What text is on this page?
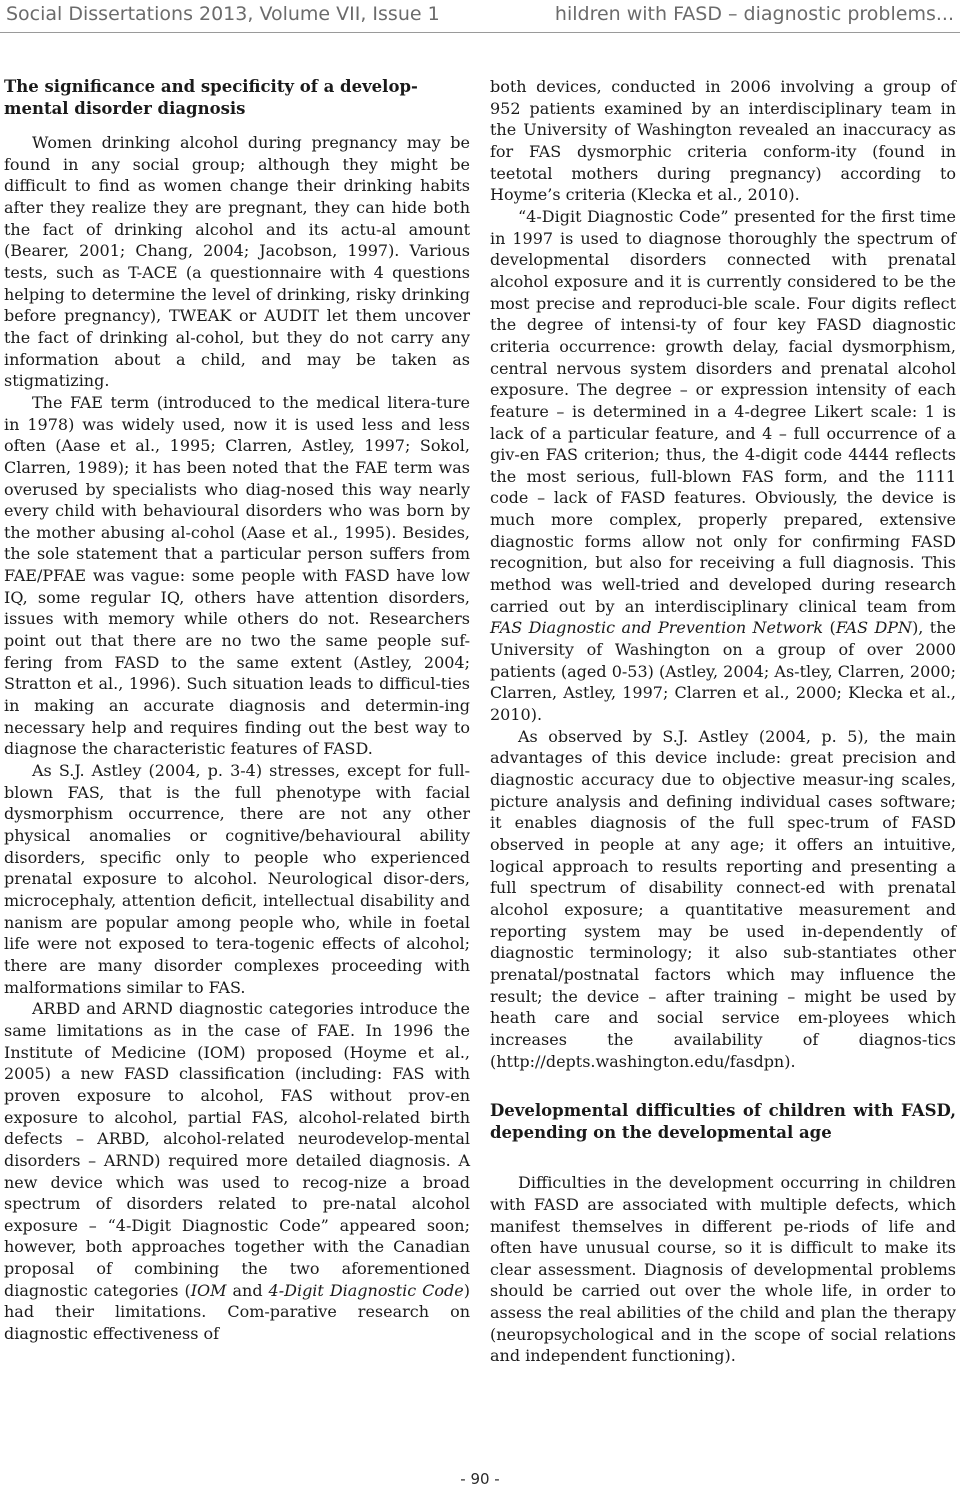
Social Dissertations 2013, Volume VII, Issue 1	hildren with FASD – diagnostic problems...
The significance and specificity of a develop-mental disorder diagnosis

Women drinking alcohol during pregnancy may be found in any social group; although they might be difficult to find as women change their drinking habits after they realize they are pregnant, they can hide both the fact of drinking alcohol and its actu-al amount (Bearer, 2001; Chang, 2004; Jacobson, 1997). Various tests, such as T-ACE (a questionnaire with 4 questions helping to determine the level of drinking, risky drinking before pregnancy), TWEAK or AUDIT let them uncover the fact of drinking al-cohol, but they do not carry any information about a child, and may be taken as stigmatizing.

The FAE term (introduced to the medical litera-ture in 1978) was widely used, now it is used less and less often (Aase et al., 1995; Clarren, Astley, 1997; Sokol, Clarren, 1989); it has been noted that the FAE term was overused by specialists who diag-nosed this way nearly every child with behavioural disorders who was born by the mother abusing al-cohol (Aase et al., 1995). Besides, the sole statement that a particular person suffers from FAE/PFAE was vague: some people with FASD have low IQ, some regular IQ, others have attention disorders, issues with memory while others do not. Researchers point out that there are no two the same people suf-fering from FASD to the same extent (Astley, 2004; Stratton et al., 1996). Such situation leads to difficul-ties in making an accurate diagnosis and determin-ing necessary help and requires finding out the best way to diagnose the characteristic features of FASD.

As S.J. Astley (2004, p. 3-4) stresses, except for full-blown FAS, that is the full phenotype with facial dysmorphism occurrence, there are not any other physical anomalies or cognitive/behavioural ability disorders, specific only to people who experienced prenatal exposure to alcohol. Neurological disor-ders, microcephaly, attention deficit, intellectual disability and nanism are popular among people who, while in foetal life were not exposed to tera-togenic effects of alcohol; there are many disorder complexes proceeding with malformations similar to FAS.

ARBD and ARND diagnostic categories introduce the same limitations as in the case of FAE. In 1996 the Institute of Medicine (IOM) proposed (Hoyme et al., 2005) a new FASD classification (including: FAS with proven exposure to alcohol, FAS without prov-en exposure to alcohol, partial FAS, alcohol-related birth defects – ARBD, alcohol-related neurodevelop-mental disorders – ARND) required more detailed diagnosis. A new device which was used to recog-nize a broad spectrum of disorders related to pre-natal alcohol exposure – “4-Digit Diagnostic Code” appeared soon; however, both approaches together with the Canadian proposal of combining the two aforementioned diagnostic categories (IOM and 4-Digit Diagnostic Code) had their limitations. Com-parative research on diagnostic effectiveness of

both devices, conducted in 2006 involving a group of 952 patients examined by an interdisciplinary team in the University of Washington revealed an inaccuracy as for FAS dysmorphic criteria conform-ity (found in teetotal mothers during pregnancy) according to Hoyme’s criteria (Klecka et al., 2010).

“4-Digit Diagnostic Code” presented for the first time in 1997 is used to diagnose thoroughly the spectrum of developmental disorders connected with prenatal alcohol exposure and it is currently considered to be the most precise and reproduci-ble scale. Four digits reflect the degree of intensi-ty of four key FASD diagnostic criteria occurrence: growth delay, facial dysmorphism, central nervous system disorders and prenatal alcohol exposure. The degree – or expression intensity of each feature – is determined in a 4-degree Likert scale: 1 is lack of a particular feature, and 4 – full occurrence of a giv-en FAS criterion; thus, the 4-digit code 4444 reflects the most serious, full-blown FAS form, and the 1111 code – lack of FASD features. Obviously, the device is much more complex, properly prepared, extensive diagnostic forms allow not only for confirming FASD recognition, but also for receiving a full diagnosis. This method was well-tried and developed during research carried out by an interdisciplinary clinical team from FAS Diagnostic and Prevention Network (FAS DPN), the University of Washington on a group of over 2000 patients (aged 0-53) (Astley, 2004; As-tley, Clarren, 2000; Clarren, Astley, 1997; Clarren et al., 2000; Klecka et al., 2010).

As observed by S.J. Astley (2004, p. 5), the main advantages of this device include: great precision and diagnostic accuracy due to objective measur-ing scales, picture analysis and defining individual cases software; it enables diagnosis of the full spec-trum of FASD observed in people at any age; it offers an intuitive, logical approach to results reporting and presenting a full spectrum of disability connect-ed with prenatal alcohol exposure; a quantitative measurement and reporting system may be used in-dependently of diagnostic terminology; it also sub-stantiates other prenatal/postnatal factors which may influence the result; the device – after training – might be used by heath care and social service em-ployees which increases the availability of diagnos-tics (http://depts.washington.edu/fasdpn).

Developmental difficulties of children with FASD, depending on the developmental age

Difficulties in the development occurring in children with FASD are associated with multiple defects, which manifest themselves in different pe-riods of life and often have unusual course, so it is difficult to make its clear assessment. Diagnosis of developmental problems should be carried out over the whole life, in order to assess the real abilities of the child and plan the therapy (neuropsychological and in the scope of social relations and independent functioning).

- 90 -
